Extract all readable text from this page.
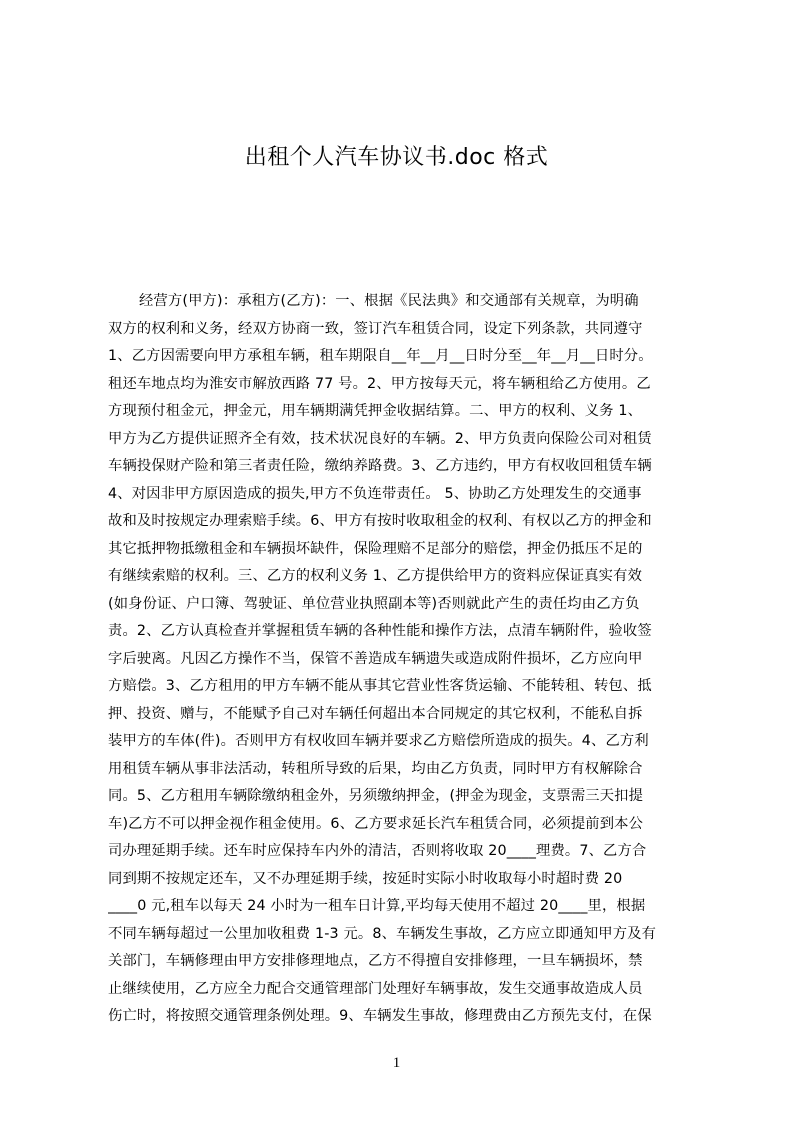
出租个人汽车协议书.doc 格式
经营方(甲方)：承租方(乙方)：一、根据《民法典》和交通部有关规章，为明确
双方的权利和义务，经双方协商一致，签订汽车租赁合同，设定下列条款，共同遵守
1、乙方因需要向甲方承租车辆，租车期限自__年__月__日时分至__年__月__日时分。
租还车地点均为淮安市解放西路 77 号。2、甲方按每天元，将车辆租给乙方使用。乙
方现预付租金元，押金元，用车辆期满凭押金收据结算。二、甲方的权利、义务 1、
甲方为乙方提供证照齐全有效，技术状况良好的车辆。2、甲方负责向保险公司对租赁
车辆投保财产险和第三者责任险，缴纳养路费。3、乙方违约，甲方有权收回租赁车辆
4、对因非甲方原因造成的损失,甲方不负连带责任。 5、协助乙方处理发生的交通事
故和及时按规定办理索赔手续。6、甲方有按时收取租金的权利、有权以乙方的押金和
其它抵押物抵缴租金和车辆损坏缺件，保险理赔不足部分的赔偿，押金仍抵压不足的
有继续索赔的权利。三、乙方的权利义务 1、乙方提供给甲方的资料应保证真实有效
(如身份证、户口簿、驾驶证、单位营业执照副本等)否则就此产生的责任均由乙方负
责。2、乙方认真检查并掌握租赁车辆的各种性能和操作方法，点清车辆附件，验收签
字后驶离。凡因乙方操作不当，保管不善造成车辆遗失或造成附件损坏，乙方应向甲
方赔偿。3、乙方租用的甲方车辆不能从事其它营业性客货运输、不能转租、转包、抵
押、投资、赠与，不能赋予自己对车辆任何超出本合同规定的其它权利，不能私自拆
装甲方的车体(件)。否则甲方有权收回车辆并要求乙方赔偿所造成的损失。4、乙方利
用租赁车辆从事非法活动，转租所导致的后果，均由乙方负责，同时甲方有权解除合
同。5、乙方租用车辆除缴纳租金外，另须缴纳押金，(押金为现金，支票需三天扣提
车)乙方不可以押金视作租金使用。6、乙方要求延长汽车租赁合同，必须提前到本公
司办理延期手续。还车时应保持车内外的清洁，否则将收取 20____理费。7、乙方合
同到期不按规定还车，又不办理延期手续，按延时实际小时收取每小时超时费 20
____0 元,租车以每天 24 小时为一租车日计算,平均每天使用不超过 20____里，根据
不同车辆每超过一公里加收租费 1-3 元。8、车辆发生事故，乙方应立即通知甲方及有
关部门，车辆修理由甲方安排修理地点，乙方不得擅自安排修理，一旦车辆损坏，禁
止继续使用，乙方应全力配合交通管理部门处理好车辆事故，发生交通事故造成人员
伤亡时，将按照交通管理条例处理。9、车辆发生事故，修理费由乙方预先支付，在保
1
